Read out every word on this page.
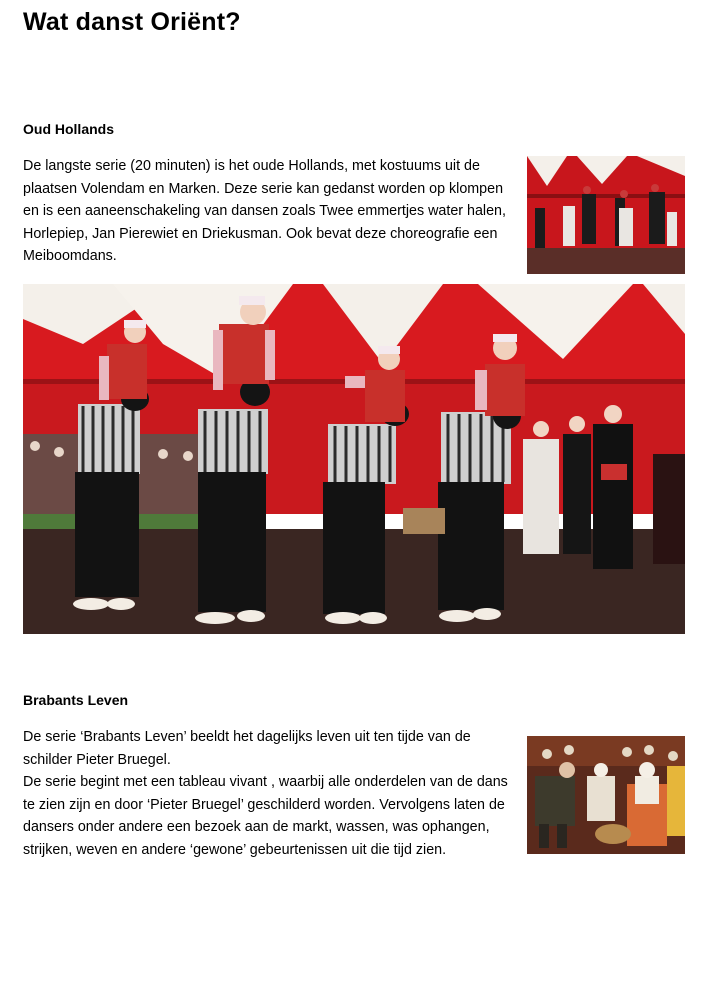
Wat danst Oriënt?
Oud Hollands

De langste serie (20 minuten) is het oude Hollands, met kostuums uit de plaatsen Volendam en Marken. Deze serie kan gedanst worden op klompen en is een aaneenschakeling van dansen zoals Twee emmertjes water halen, Horlepiep, Jan Pierewiet en Driekusman. Ook bevat deze choreografie een Meiboomdans.

Brabants Leven

De serie ‘Brabants Leven’ beeldt het dagelijks leven uit ten tijde van de schilder Pieter Bruegel.

De serie begint met een tableau vivant , waarbij alle onderdelen van de dans te zien zijn en door ‘Pieter Bruegel’ geschilderd worden. Vervolgens laten de dansers onder andere een bezoek aan de markt, wassen, was ophangen, strijken, weven en andere ‘gewone’ gebeurtenissen uit die tijd zien.
